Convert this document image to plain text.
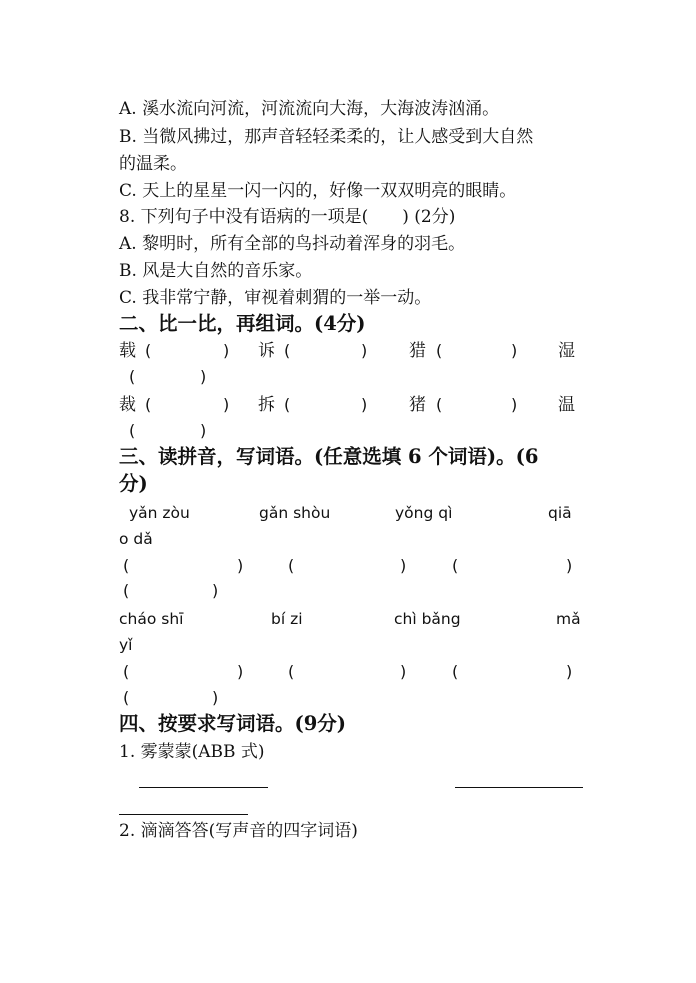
A. 溪水流向河流，河流流向大海，大海波涛汹涌。
B. 当微风拂过，那声音轻轻柔柔的，让人感受到大自然
的温柔。
C. 天上的星星一闪一闪的，好像一双双明亮的眼睛。
8. 下列句子中没有语病的一项是(　　) (2分)
A. 黎明时，所有全部的鸟抖动着浑身的羽毛。
B. 风是大自然的音乐家。
C. 我非常宁静，审视着刺猬的一举一动。
二、比一比，再组词。(4分)
载 (	) 诉 (	) 猎 (	) 湿
(	)
裁 (	) 拆 (	) 猪 (	) 温
(	)
三、读拼音，写词语。(任意选填 6 个词语)。(6
分)
yǎn zòu	gǎn shòu	yǒng qì	qiā
o dǎ
(	)	(	)	(	)
(	)
cháo shī	bí zi	chì bǎng	mǎ
yǐ
(	)	(	)	(	)
(	)
四、按要求写词语。(9分)
1. 雾蒙蒙(ABB 式)
2. 滴滴答答(写声音的四字词语)
